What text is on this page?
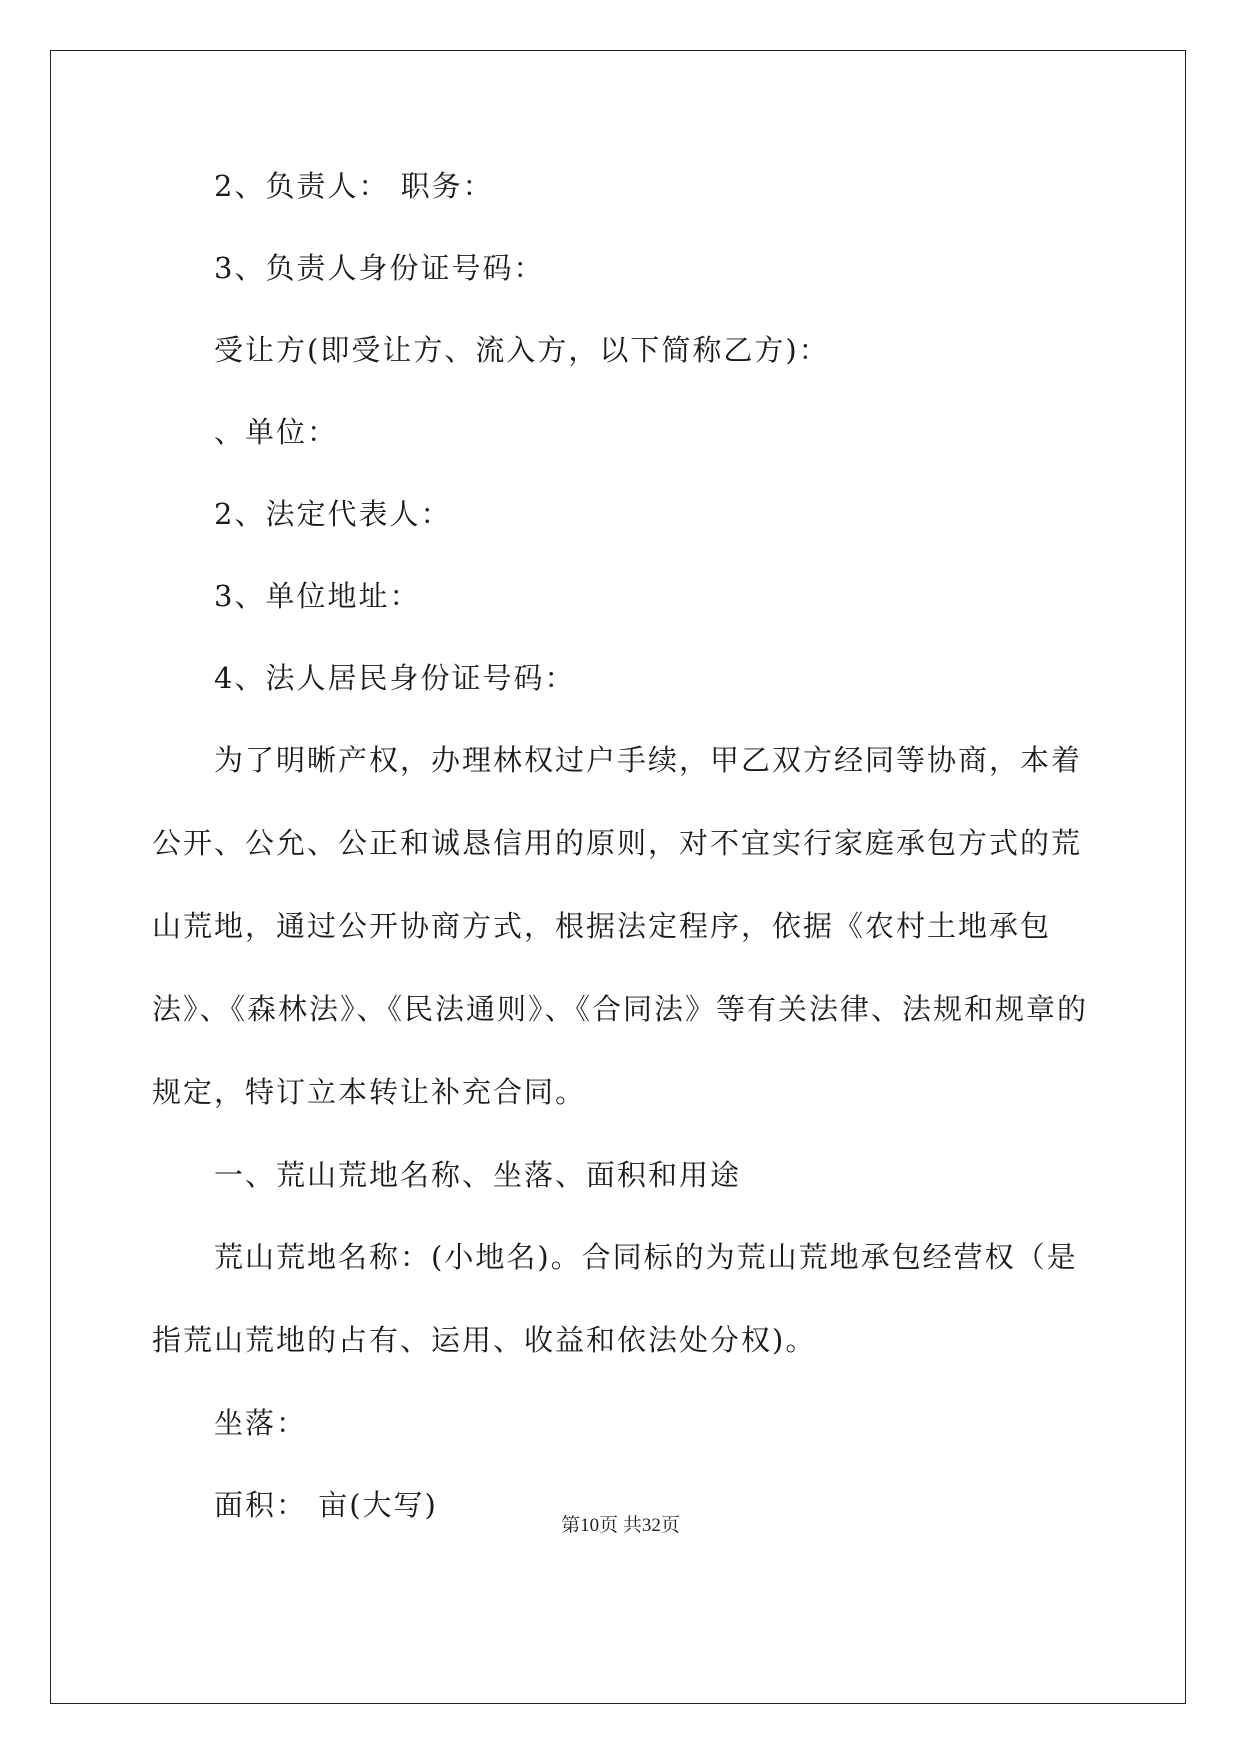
2、负责人： 职务：

3、负责人身份证号码：

受让方(即受让方、流入方，以下简称乙方)：

、单位：

2、法定代表人：

3、单位地址：

4、法人居民身份证号码：

为了明晰产权，办理林权过户手续，甲乙双方经同等协商，本着
公开、公允、公正和诚恳信用的原则，对不宜实行家庭承包方式的荒
山荒地，通过公开协商方式，根据法定程序，依据《农村土地承包
法》、《森林法》、《民法通则》、《合同法》等有关法律、法规和规章的
规定，特订立本转让补充合同。

一、荒山荒地名称、坐落、面积和用途

荒山荒地名称：(小地名)。合同标的为荒山荒地承包经营权（是
指荒山荒地的占有、运用、收益和依法处分权)。

坐落：

面积： 亩(大写)

第10页 共32页
